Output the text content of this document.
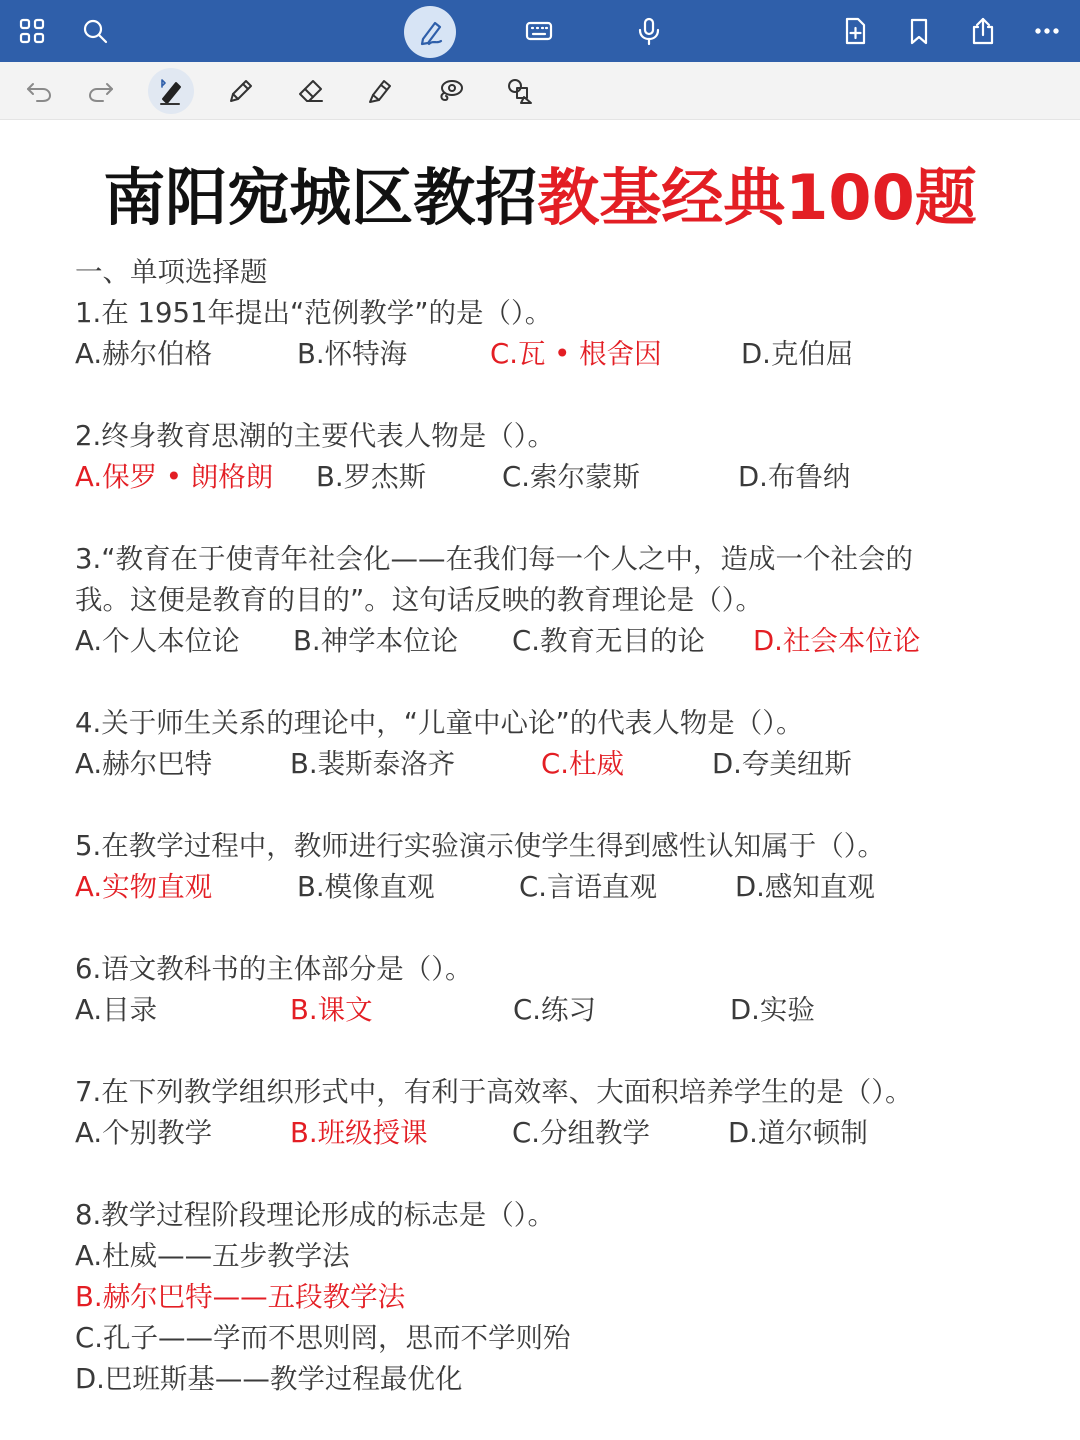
南阳宛城区教招教基经典100题
一、单项选择题
1.在 1951年提出“范例教学”的是（）。
A.赫尔伯格	B.怀特海	C.瓦 • 根舍因	D.克伯屈
2.终身教育思潮的主要代表人物是（）。
A.保罗 • 朗格朗 B.罗杰斯	C.索尔蒙斯	D.布鲁纳
3.“教育在于使青年社会化——在我们每一个人之中，造成一个社会的
我。这便是教育的目的”。这句话反映的教育理论是（）。
A.个人本位论 B.神学本位论 C.教育无目的论 D.社会本位论
4.关于师生关系的理论中，“儿童中心论”的代表人物是（）。
A.赫尔巴特	B.裴斯泰洛齐	C.杜威	D.夸美纽斯
5.在教学过程中，教师进行实验演示使学生得到感性认知属于（）。
A.实物直观	B.模像直观	C.言语直观	D.感知直观
6.语文教科书的主体部分是（）。
A.目录	B.课文	C.练习	D.实验
7.在下列教学组织形式中，有利于高效率、大面积培养学生的是（）。
A.个别教学	B.班级授课	C.分组教学	D.道尔顿制
8.教学过程阶段理论形成的标志是（）。
A.杜威——五步教学法
B.赫尔巴特——五段教学法
C.孔子——学而不思则罔，思而不学则殆
D.巴班斯基——教学过程最优化
